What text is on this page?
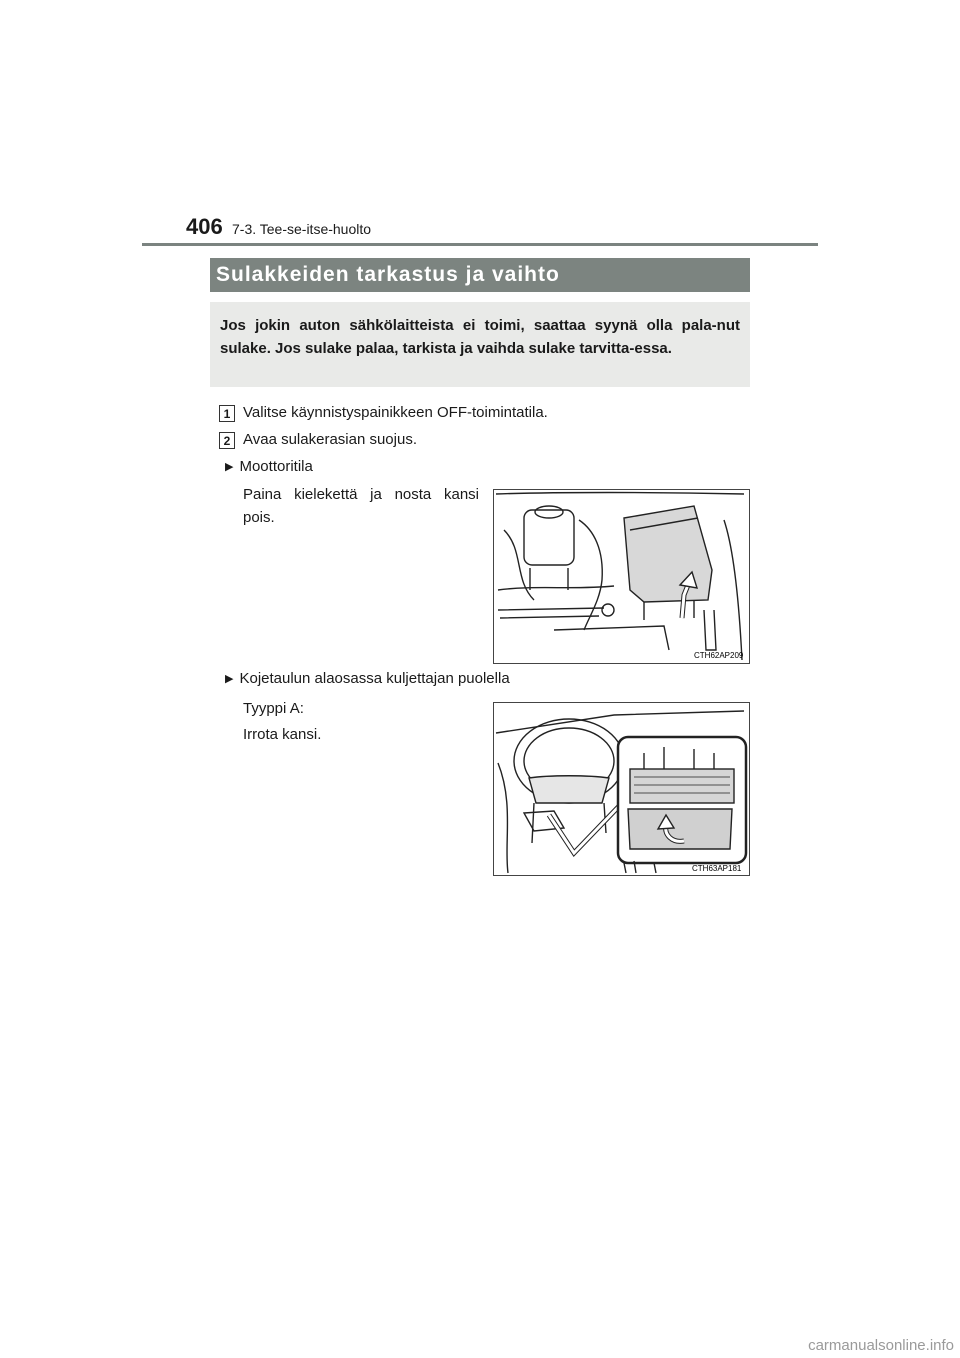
406 7-3. Tee-se-itse-huolto
Sulakkeiden tarkastus ja vaihto
Jos jokin auton sähkölaitteista ei toimi, saattaa syynä olla pala-nut sulake. Jos sulake palaa, tarkista ja vaihda sulake tarvitta-essa.
1 Valitse käynnistyspainikkeen OFF-toimintatila.
2 Avaa sulakerasian suojus.
▶ Moottoritila
Paina kielekettä ja nosta kansi pois.
CTH62AP209
▶ Kojetaulun alaosassa kuljettajan puolella
Tyyppi A:
Irrota kansi.
CTH63AP181
carmanualsonline.info
